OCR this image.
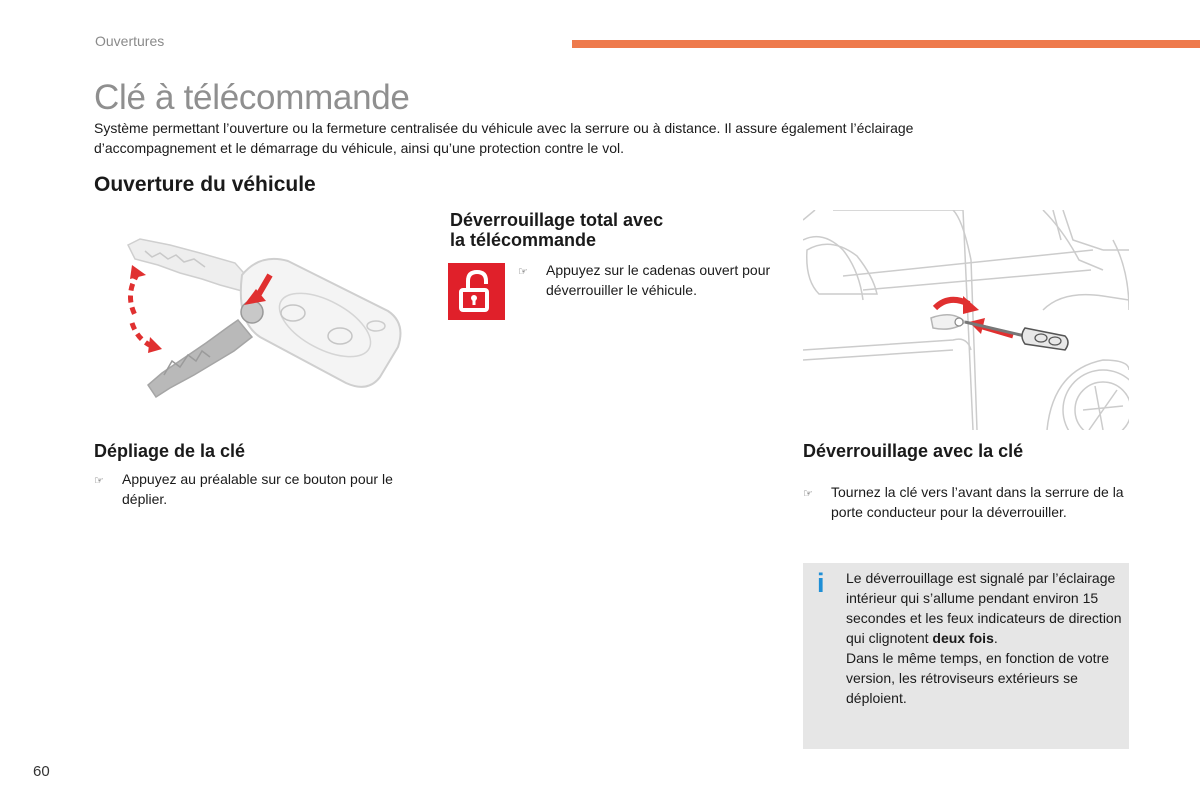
Ouvertures
Clé à télécommande
Système permettant l’ouverture ou la fermeture centralisée du véhicule avec la serrure ou à distance. Il assure également l’éclairage d’accompagnement et le démarrage du véhicule, ainsi qu’une protection contre le vol.
Ouverture du véhicule
Déverrouillage total avec
la télécommande
☞ Appuyez sur le cadenas ouvert pour déverrouiller le véhicule.
Dépliage de la clé
☞ Appuyez au préalable sur ce bouton pour le déplier.
Déverrouillage avec la clé
☞ Tournez la clé vers l’avant dans la serrure de la porte conducteur pour la déverrouiller.
i Le déverrouillage est signalé par l’éclairage intérieur qui s’allume pendant environ 15 secondes et les feux indicateurs de direction qui clignotent deux fois.
Dans le même temps, en fonction de votre version, les rétroviseurs extérieurs se déploient.
60
